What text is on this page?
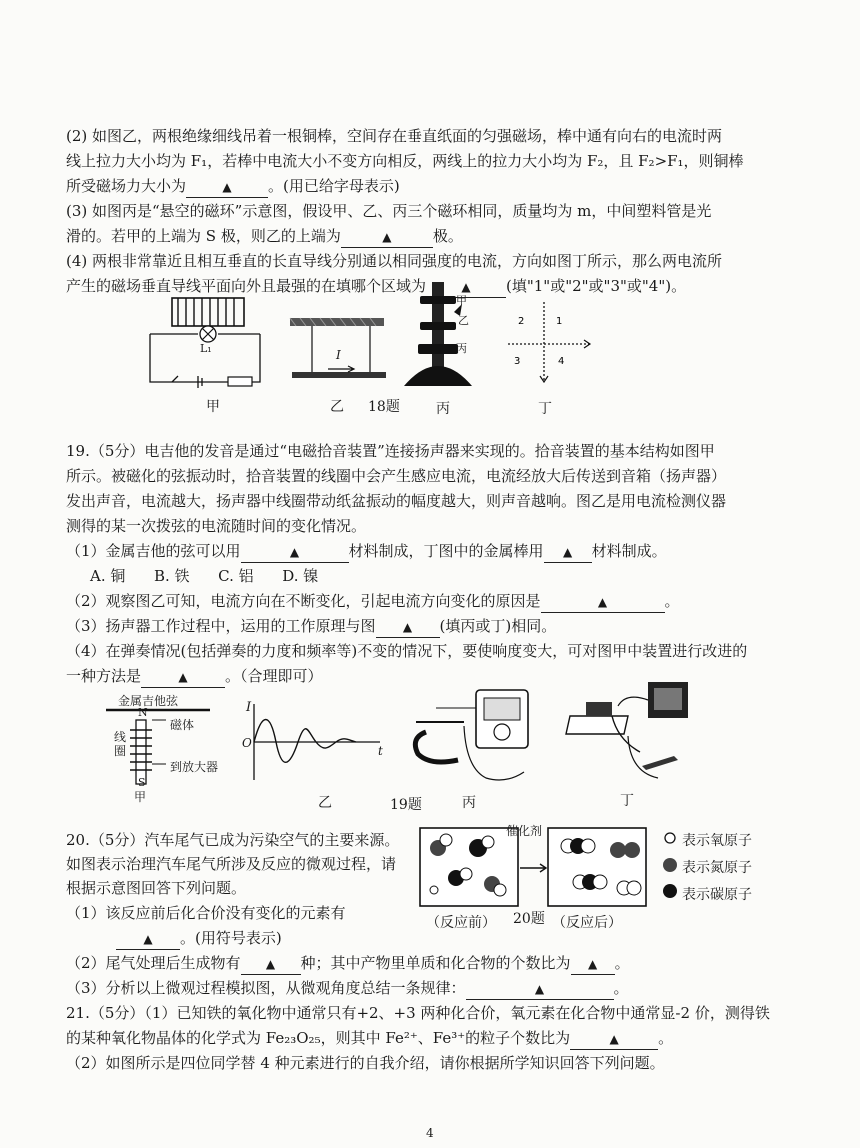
(2) 如图乙，两根绝缘细线吊着一根铜棒，空间存在垂直纸面的匀强磁场，棒中通有向右的电流时两
线上拉力大小均为 F₁，若棒中电流大小不变方向相反，两线上的拉力大小均为 F₂，且 F₂>F₁，则铜棒
所受磁场力大小为	▲ 。(用已给字母表示)
(3) 如图丙是“悬空的磁环”示意图，假设甲、乙、丙三个磁环相同，质量均为 m，中间塑料管是光
滑的。若甲的上端为 S 极，则乙的上端为	▲	极。
(4) 两根非常靠近且相互垂直的长直导线分别通以相同强度的电流，方向如图丁所示，那么两电流所
产生的磁场垂直导线平面向外且最强的在填哪个区域为	▲ (填"1"或"2"或"3"或"4")。
L₁	I
甲
乙
丙
1
2
3	4
甲	乙 18题	丙	丁
19.（5分）电吉他的发音是通过“电磁拾音装置”连接扬声器来实现的。拾音装置的基本结构如图甲
所示。被磁化的弦振动时，拾音装置的线圈中会产生感应电流，电流经放大后传送到音箱（扬声器）
发出声音，电流越大，扬声器中线圈带动纸盆振动的幅度越大，则声音越响。图乙是用电流检测仪器
测得的某一次拨弦的电流随时间的变化情况。
（1）金属吉他的弦可以用	▲	材料制成，丁图中的金属棒用 ▲ 材料制成。
A. 铜      B. 铁      C. 铝      D. 镍
（2）观察图乙可知，电流方向在不断变化，引起电流方向变化的原因是	▲	。
（3）扬声器工作过程中，运用的工作原理与图 ▲ (填丙或丁)相同。
（4）在弹奏情况(包括弹奏的力度和频率等)不变的情况下，要使响度变大，可对图甲中装置进行改进的
一种方法是	▲ 。（合理即可）
金属吉他弦
N
磁体
线圈
到放大器
S
甲
I
O
t
乙	19题	丙	丁
20.（5分）汽车尾气已成为污染空气的主要来源。
如图表示治理汽车尾气所涉及反应的微观过程，请
根据示意图回答下列问题。
（1）该反应前后化合价没有变化的元素有
▲ 。(用符号表示)
（2）尾气处理后生成物有 ▲ 种；其中产物里单质和化合物的个数比为 ▲ 。
（3）分析以上微观过程模拟图，从微观角度总结一条规律：	▲	。
催化剂
（反应前） 20题 （反应后）
表示氧原子
表示氮原子
表示碳原子
21.（5分）（1）已知铁的氧化物中通常只有+2、+3 两种化合价，氧元素在化合物中通常显-2 价，测得铁
的某种氧化物晶体的化学式为 Fe₂₃O₂₅，则其中 Fe²⁺、Fe³⁺的粒子个数比为	▲	。
（2）如图所示是四位同学替 4 种元素进行的自我介绍，请你根据所学知识回答下列问题。
4
